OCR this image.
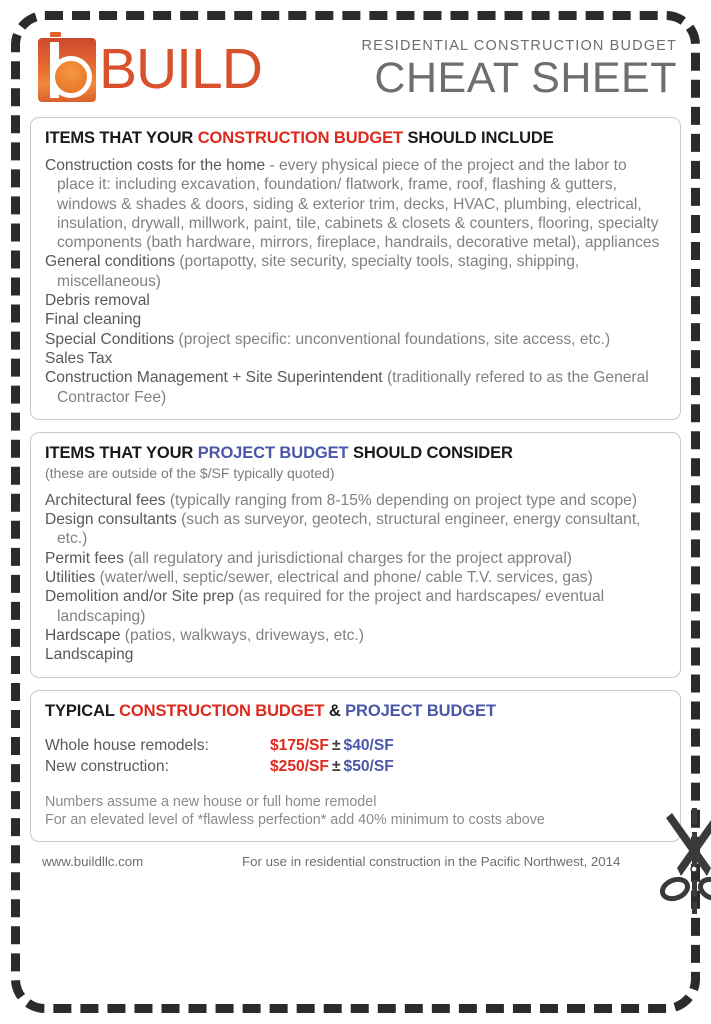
BUILD	RESIDENTIAL CONSTRUCTION BUDGET
CHEAT SHEET
ITEMS THAT YOUR CONSTRUCTION BUDGET SHOULD INCLUDE
Construction costs for the home - every physical piece of the project and the labor to place it: including excavation, foundation/ flatwork, frame, roof, flashing & gutters, windows & shades & doors, siding & exterior trim, decks, HVAC, plumbing, electrical, insulation, drywall, millwork, paint, tile, cabinets & closets & counters, flooring, specialty components (bath hardware, mirrors, fireplace, handrails, decorative metal), appliances
General conditions (portapotty, site security, specialty tools, staging, shipping, miscellaneous)
Debris removal
Final cleaning
Special Conditions (project specific: unconventional foundations, site access, etc.)
Sales Tax
Construction Management + Site Superintendent (traditionally refered to as the General Contractor Fee)
ITEMS THAT YOUR PROJECT BUDGET SHOULD CONSIDER
(these are outside of the $/SF typically quoted)
Architectural fees (typically ranging from 8-15% depending on project type and scope)
Design consultants (such as surveyor, geotech, structural engineer, energy consultant, etc.)
Permit fees (all regulatory and jurisdictional charges for the project approval)
Utilities (water/well, septic/sewer, electrical and phone/ cable T.V. services, gas)
Demolition and/or Site prep (as required for the project and hardscapes/ eventual landscaping)
Hardscape (patios, walkways, driveways, etc.)
Landscaping
TYPICAL CONSTRUCTION BUDGET & PROJECT BUDGET
Whole house remodels:	$175/SF ± $40/SF
New construction:	$250/SF ± $50/SF
Numbers assume a new house or full home remodel
For an elevated level of *flawless perfection* add 40% minimum to costs above
www.buildllc.com	For use in residential construction in the Pacific Northwest, 2014
